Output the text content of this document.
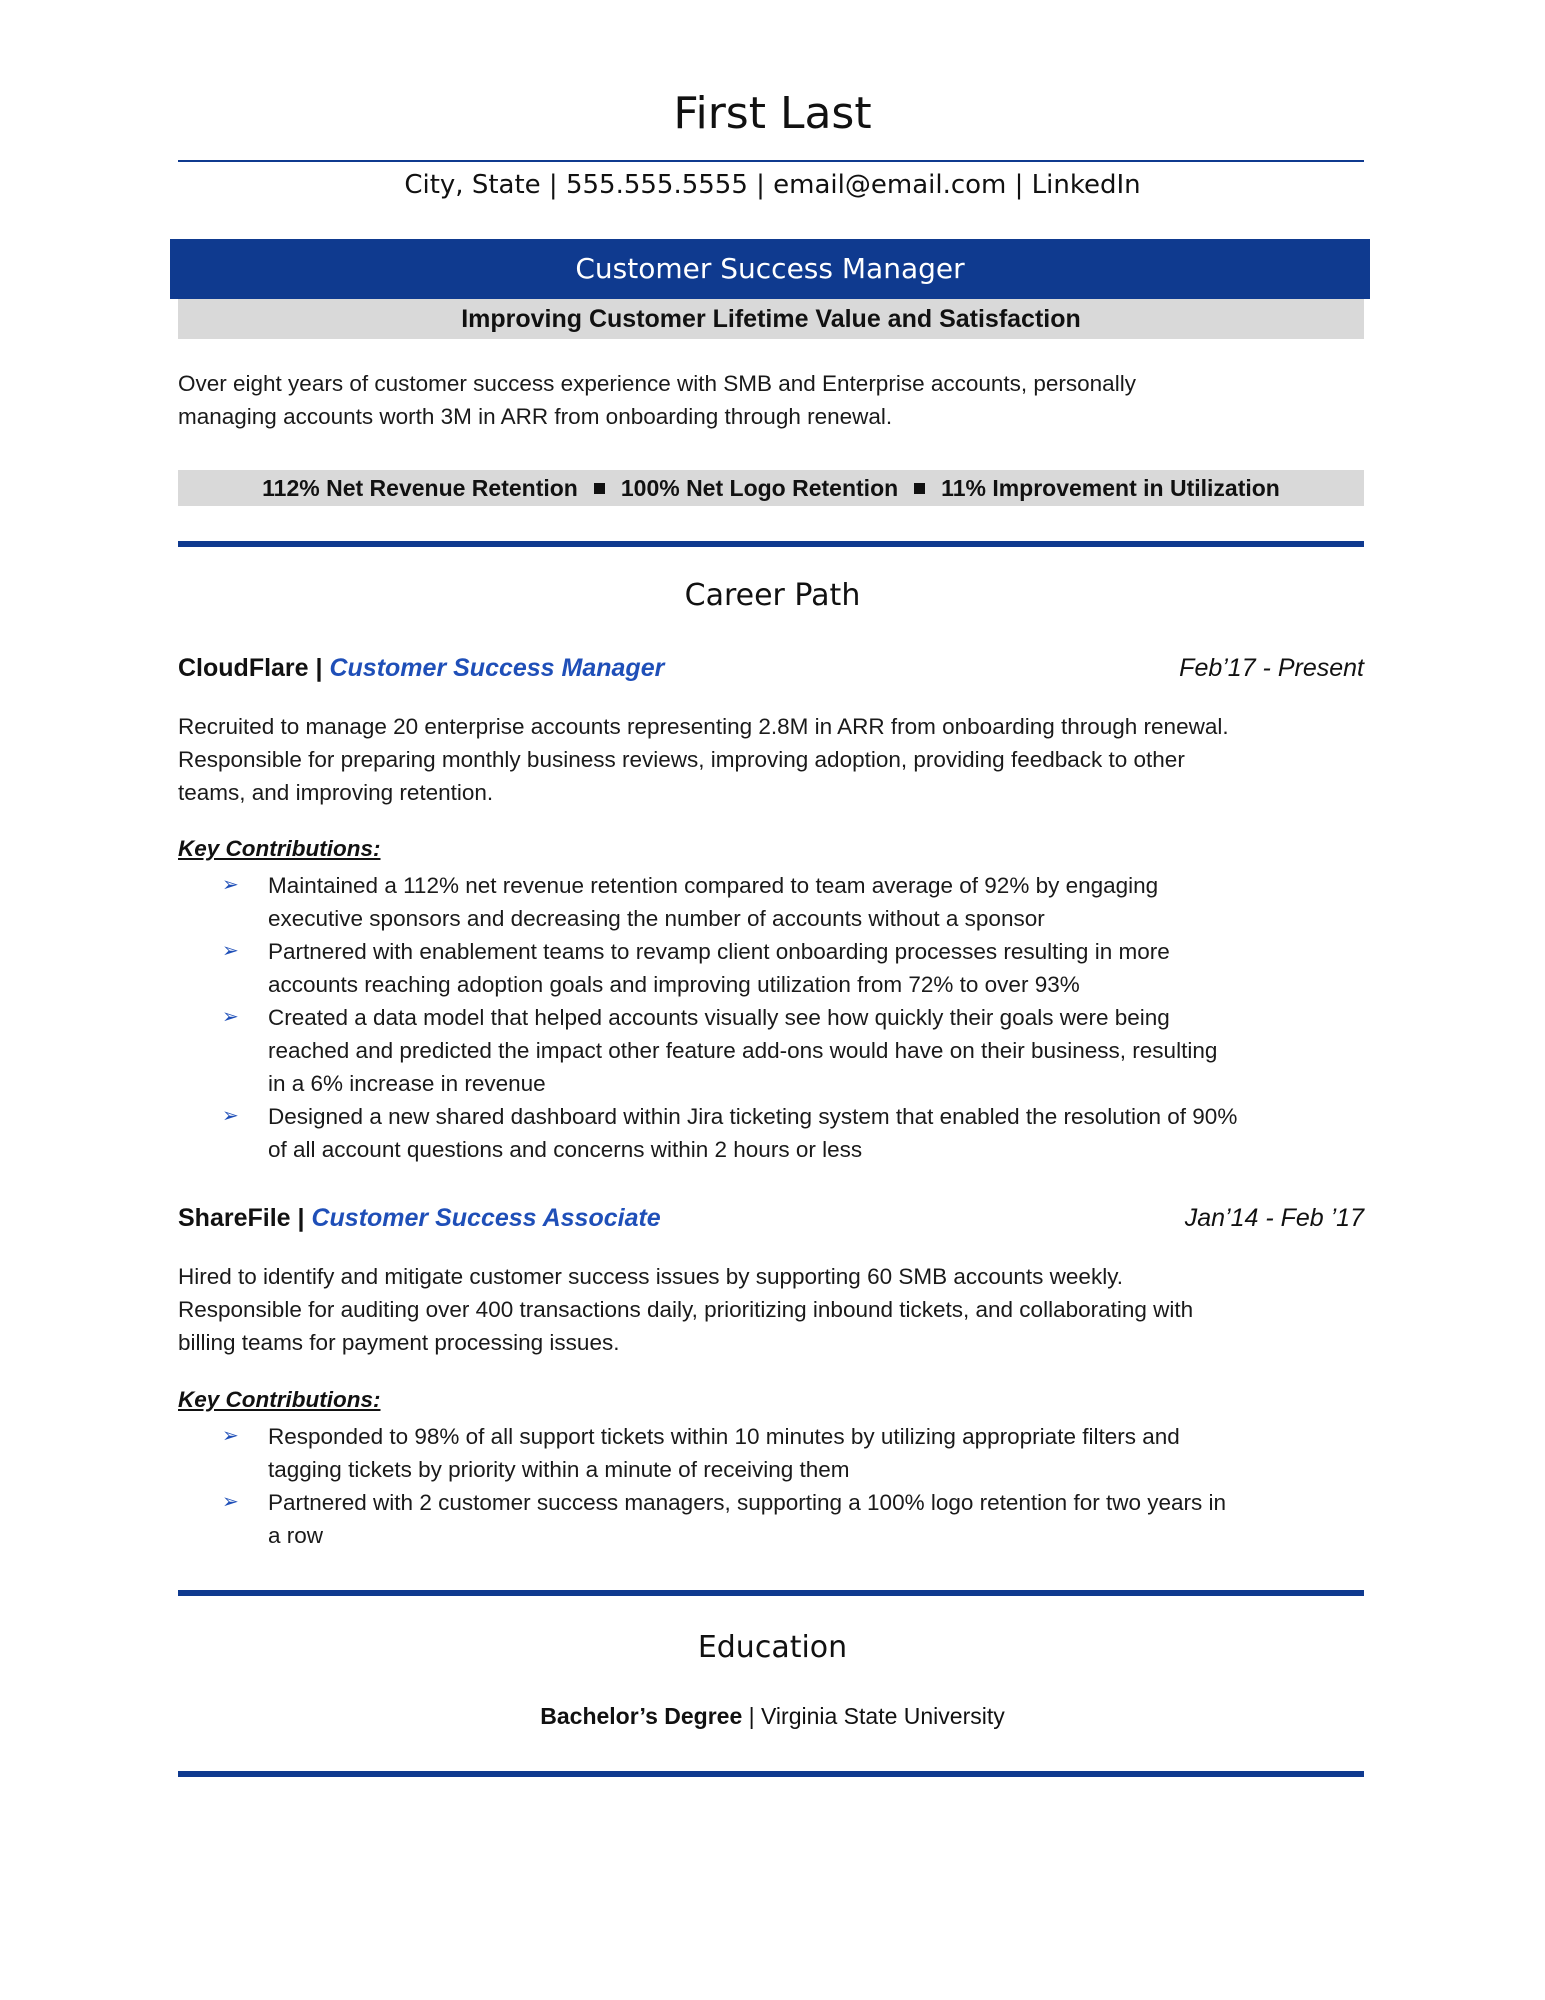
First Last
City, State | 555.555.5555 | email@email.com | LinkedIn
Customer Success Manager
Improving Customer Lifetime Value and Satisfaction
Over eight years of customer success experience with SMB and Enterprise accounts, personally
managing accounts worth 3M in ARR from onboarding through renewal.
112% Net Revenue Retention 100% Net Logo Retention 11% Improvement in Utilization
Career Path
CloudFlare | Customer Success Manager	Feb’17 - Present
Recruited to manage 20 enterprise accounts representing 2.8M in ARR from onboarding through renewal.
Responsible for preparing monthly business reviews, improving adoption, providing feedback to other
teams, and improving retention.
Key Contributions:
➢ Maintained a 112% net revenue retention compared to team average of 92% by engaging
executive sponsors and decreasing the number of accounts without a sponsor
➢ Partnered with enablement teams to revamp client onboarding processes resulting in more
accounts reaching adoption goals and improving utilization from 72% to over 93%
➢ Created a data model that helped accounts visually see how quickly their goals were being
reached and predicted the impact other feature add-ons would have on their business, resulting
in a 6% increase in revenue
➢ Designed a new shared dashboard within Jira ticketing system that enabled the resolution of 90%
of all account questions and concerns within 2 hours or less
ShareFile | Customer Success Associate	Jan’14 - Feb ’17
Hired to identify and mitigate customer success issues by supporting 60 SMB accounts weekly.
Responsible for auditing over 400 transactions daily, prioritizing inbound tickets, and collaborating with
billing teams for payment processing issues.
Key Contributions:
➢ Responded to 98% of all support tickets within 10 minutes by utilizing appropriate filters and
tagging tickets by priority within a minute of receiving them
➢ Partnered with 2 customer success managers, supporting a 100% logo retention for two years in
a row
Education
Bachelor’s Degree | Virginia State University
